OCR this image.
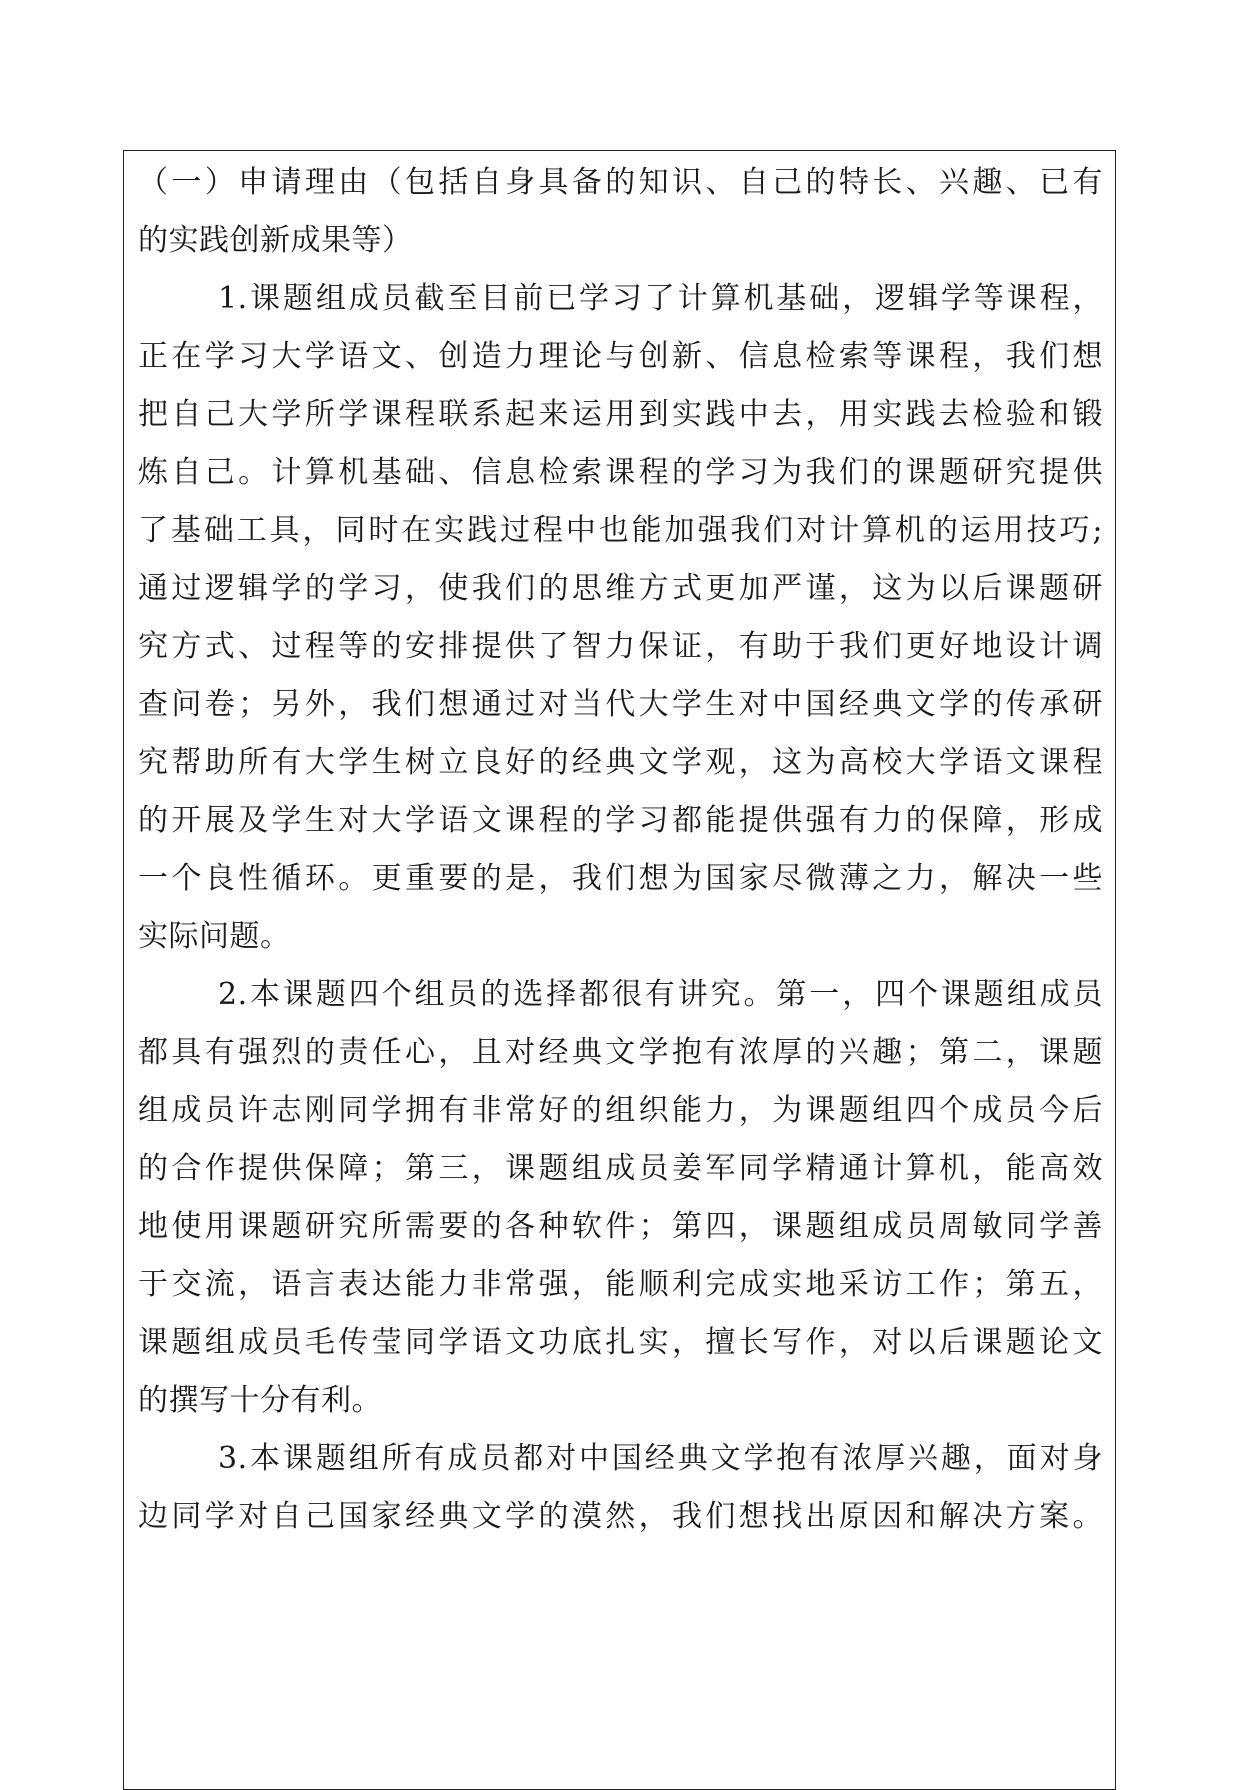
（一）申请理由（包括自身具备的知识、自己的特长、兴趣、已有
的实践创新成果等）
1.课题组成员截至目前已学习了计算机基础，逻辑学等课程，
正在学习大学语文、创造力理论与创新、信息检索等课程，我们想
把自己大学所学课程联系起来运用到实践中去，用实践去检验和锻
炼自己。计算机基础、信息检索课程的学习为我们的课题研究提供
了基础工具，同时在实践过程中也能加强我们对计算机的运用技巧;
通过逻辑学的学习，使我们的思维方式更加严谨，这为以后课题研
究方式、过程等的安排提供了智力保证，有助于我们更好地设计调
查问卷；另外，我们想通过对当代大学生对中国经典文学的传承研
究帮助所有大学生树立良好的经典文学观，这为高校大学语文课程
的开展及学生对大学语文课程的学习都能提供强有力的保障，形成
一个良性循环。更重要的是，我们想为国家尽微薄之力，解决一些
实际问题。
2.本课题四个组员的选择都很有讲究。第一，四个课题组成员
都具有强烈的责任心，且对经典文学抱有浓厚的兴趣；第二，课题
组成员许志刚同学拥有非常好的组织能力，为课题组四个成员今后
的合作提供保障；第三，课题组成员姜军同学精通计算机，能高效
地使用课题研究所需要的各种软件；第四，课题组成员周敏同学善
于交流，语言表达能力非常强，能顺利完成实地采访工作；第五，
课题组成员毛传莹同学语文功底扎实，擅长写作，对以后课题论文
的撰写十分有利。
3.本课题组所有成员都对中国经典文学抱有浓厚兴趣，面对身
边同学对自己国家经典文学的漠然，我们想找出原因和解决方案。
